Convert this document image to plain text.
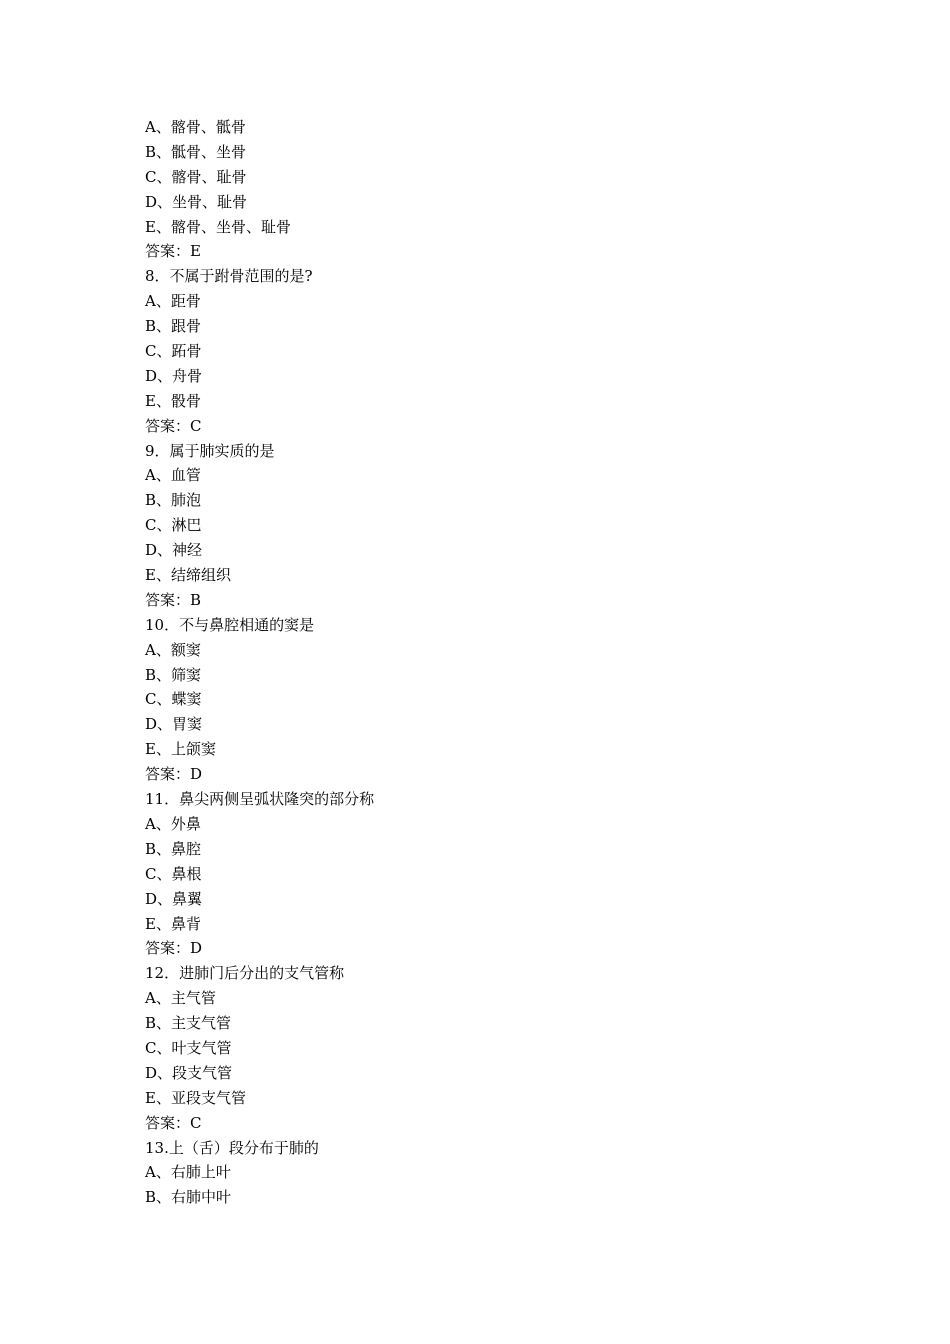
A、髂骨、骶骨
B、骶骨、坐骨
C、髂骨、耻骨
D、坐骨、耻骨
E、髂骨、坐骨、耻骨
答案：E
8．不属于跗骨范围的是?
A、距骨
B、跟骨
C、跖骨
D、舟骨
E、骰骨
答案：C
9．属于肺实质的是
A、血管
B、肺泡
C、淋巴
D、神经
E、结缔组织
答案：B
10．不与鼻腔相通的窦是
A、额窦
B、筛窦
C、蝶窦
D、胃窦
E、上颌窦
答案：D
11．鼻尖两侧呈弧状隆突的部分称
A、外鼻
B、鼻腔
C、鼻根
D、鼻翼
E、鼻背
答案：D
12．进肺门后分出的支气管称
A、主气管
B、主支气管
C、叶支气管
D、段支气管
E、亚段支气管
答案：C
13.上（舌）段分布于肺的
A、右肺上叶
B、右肺中叶
